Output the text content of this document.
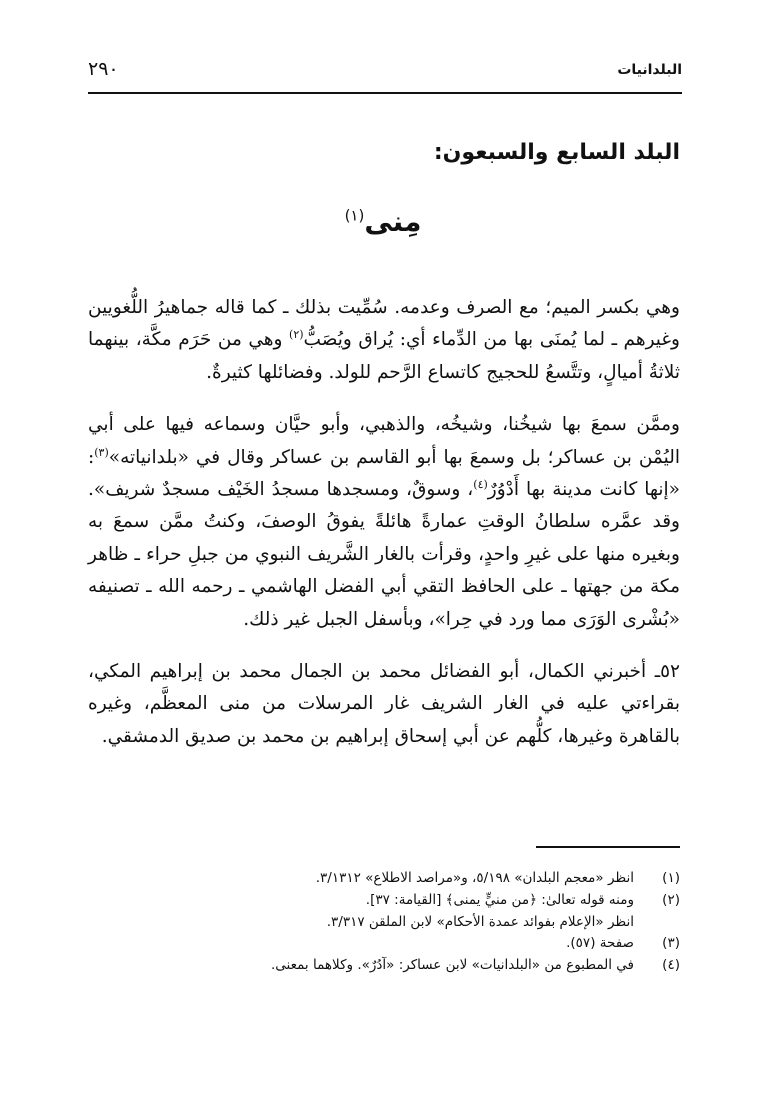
البلدانيات
٢٩٠
البلد السابع والسبعون:
مِنى$^{(١)}$

وهي بكسر الميم؛ مع الصرف وعدمه. سُمِّيت بذلك ـ كما قاله جماهيرُ اللُّغويين وغيرهم ـ لما يُمنَى بها من الدِّماء أي: يُراق ويُصَبُّ$^{(٢)}$ وهي من حَرَم مكَّة، بينهما ثلاثةُ أميالٍ، وتتَّسعُ للحجيج كاتساع الرَّحم للولد. وفضائلها كثيرةٌ.

وممَّن سمعَ بها شيخُنا، وشيخُه، والذهبي، وأبو حيَّان وسماعه فيها على أبي اليُمْن بن عساكر؛ بل وسمعَ بها أبو القاسم بن عساكر وقال في «بلدانياته»$^{(٣)}$: «إنها كانت مدينة بها أَدْوُرٌ$^{(٤)}$، وسوقٌ، ومسجدها مسجدُ الخَيْف مسجدٌ شريف». وقد عمَّره سلطانُ الوقتِ عمارةً هائلةً يفوقُ الوصفَ، وكنتُ ممَّن سمعَ به وبغيره منها على غيرِ واحدٍ، وقرأت بالغار الشَّريف النبوي من جبلِ حراء ـ ظاهر مكة من جهتها ـ على الحافظ التقي أبي الفضل الهاشمي ـ رحمه الله ـ تصنيفه «بُشْرى الوَرَى مما ورد في حِرا»، وبأسفل الجبل غير ذلك.

٥٢ـ أخبرني الكمال، أبو الفضائل محمد بن الجمال محمد بن إبراهيم المكي، بقراءتي عليه في الغار الشريف غار المرسلات من منى المعظَّم، وغيره بالقاهرة وغيرها، كلُّهم عن أبي إسحاق إبراهيم بن محمد بن صديق الدمشقي.

(١)
انظر «معجم البلدان» ٥/١٩٨، و«مراصد الاطلاع» ٣/١٣١٢.
(٢)
ومنه قوله تعالىٰ: ﴿من منيٍّ يمنى﴾ [القيامة: ٣٧].
انظر «الإعلام بفوائد عمدة الأحكام» لابن الملقن ٣/٣١٧.
(٣)
صفحة (٥٧).
(٤)
في المطبوع من «البلدانيات» لابن عساكر: «آدُرٌ». وكلاهما بمعنى.
